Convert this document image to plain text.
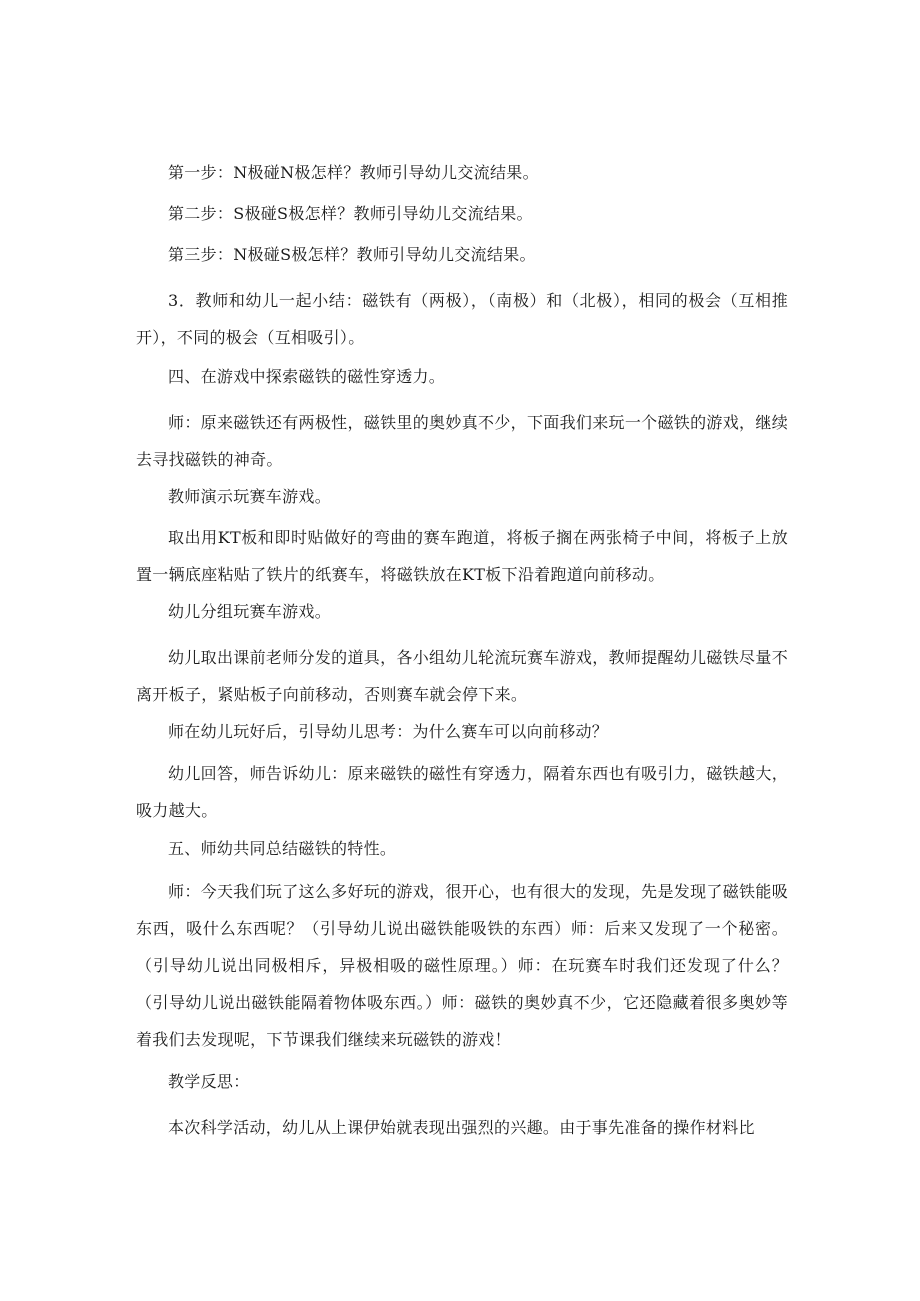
第一步：N极碰N极怎样？教师引导幼儿交流结果。

第二步：S极碰S极怎样？教师引导幼儿交流结果。

第三步：N极碰S极怎样？教师引导幼儿交流结果。

3．教师和幼儿一起小结：磁铁有（两极），（南极）和（北极），相同的极会（互相推开），不同的极会（互相吸引）。

四、在游戏中探索磁铁的磁性穿透力。

师：原来磁铁还有两极性，磁铁里的奥妙真不少，下面我们来玩一个磁铁的游戏，继续去寻找磁铁的神奇。

教师演示玩赛车游戏。

取出用KT板和即时贴做好的弯曲的赛车跑道，将板子搁在两张椅子中间，将板子上放置一辆底座粘贴了铁片的纸赛车，将磁铁放在KT板下沿着跑道向前移动。

幼儿分组玩赛车游戏。

幼儿取出课前老师分发的道具，各小组幼儿轮流玩赛车游戏，教师提醒幼儿磁铁尽量不离开板子，紧贴板子向前移动，否则赛车就会停下来。

师在幼儿玩好后，引导幼儿思考：为什么赛车可以向前移动？

幼儿回答，师告诉幼儿：原来磁铁的磁性有穿透力，隔着东西也有吸引力，磁铁越大，吸力越大。

五、师幼共同总结磁铁的特性。

师：今天我们玩了这么多好玩的游戏，很开心，也有很大的发现，先是发现了磁铁能吸东西，吸什么东西呢？（引导幼儿说出磁铁能吸铁的东西）师：后来又发现了一个秘密。（引导幼儿说出同极相斥，异极相吸的磁性原理。）师：在玩赛车时我们还发现了什么？（引导幼儿说出磁铁能隔着物体吸东西。）师：磁铁的奥妙真不少，它还隐藏着很多奥妙等着我们去发现呢，下节课我们继续来玩磁铁的游戏！

教学反思：

本次科学活动，幼儿从上课伊始就表现出强烈的兴趣。由于事先准备的操作材料比
